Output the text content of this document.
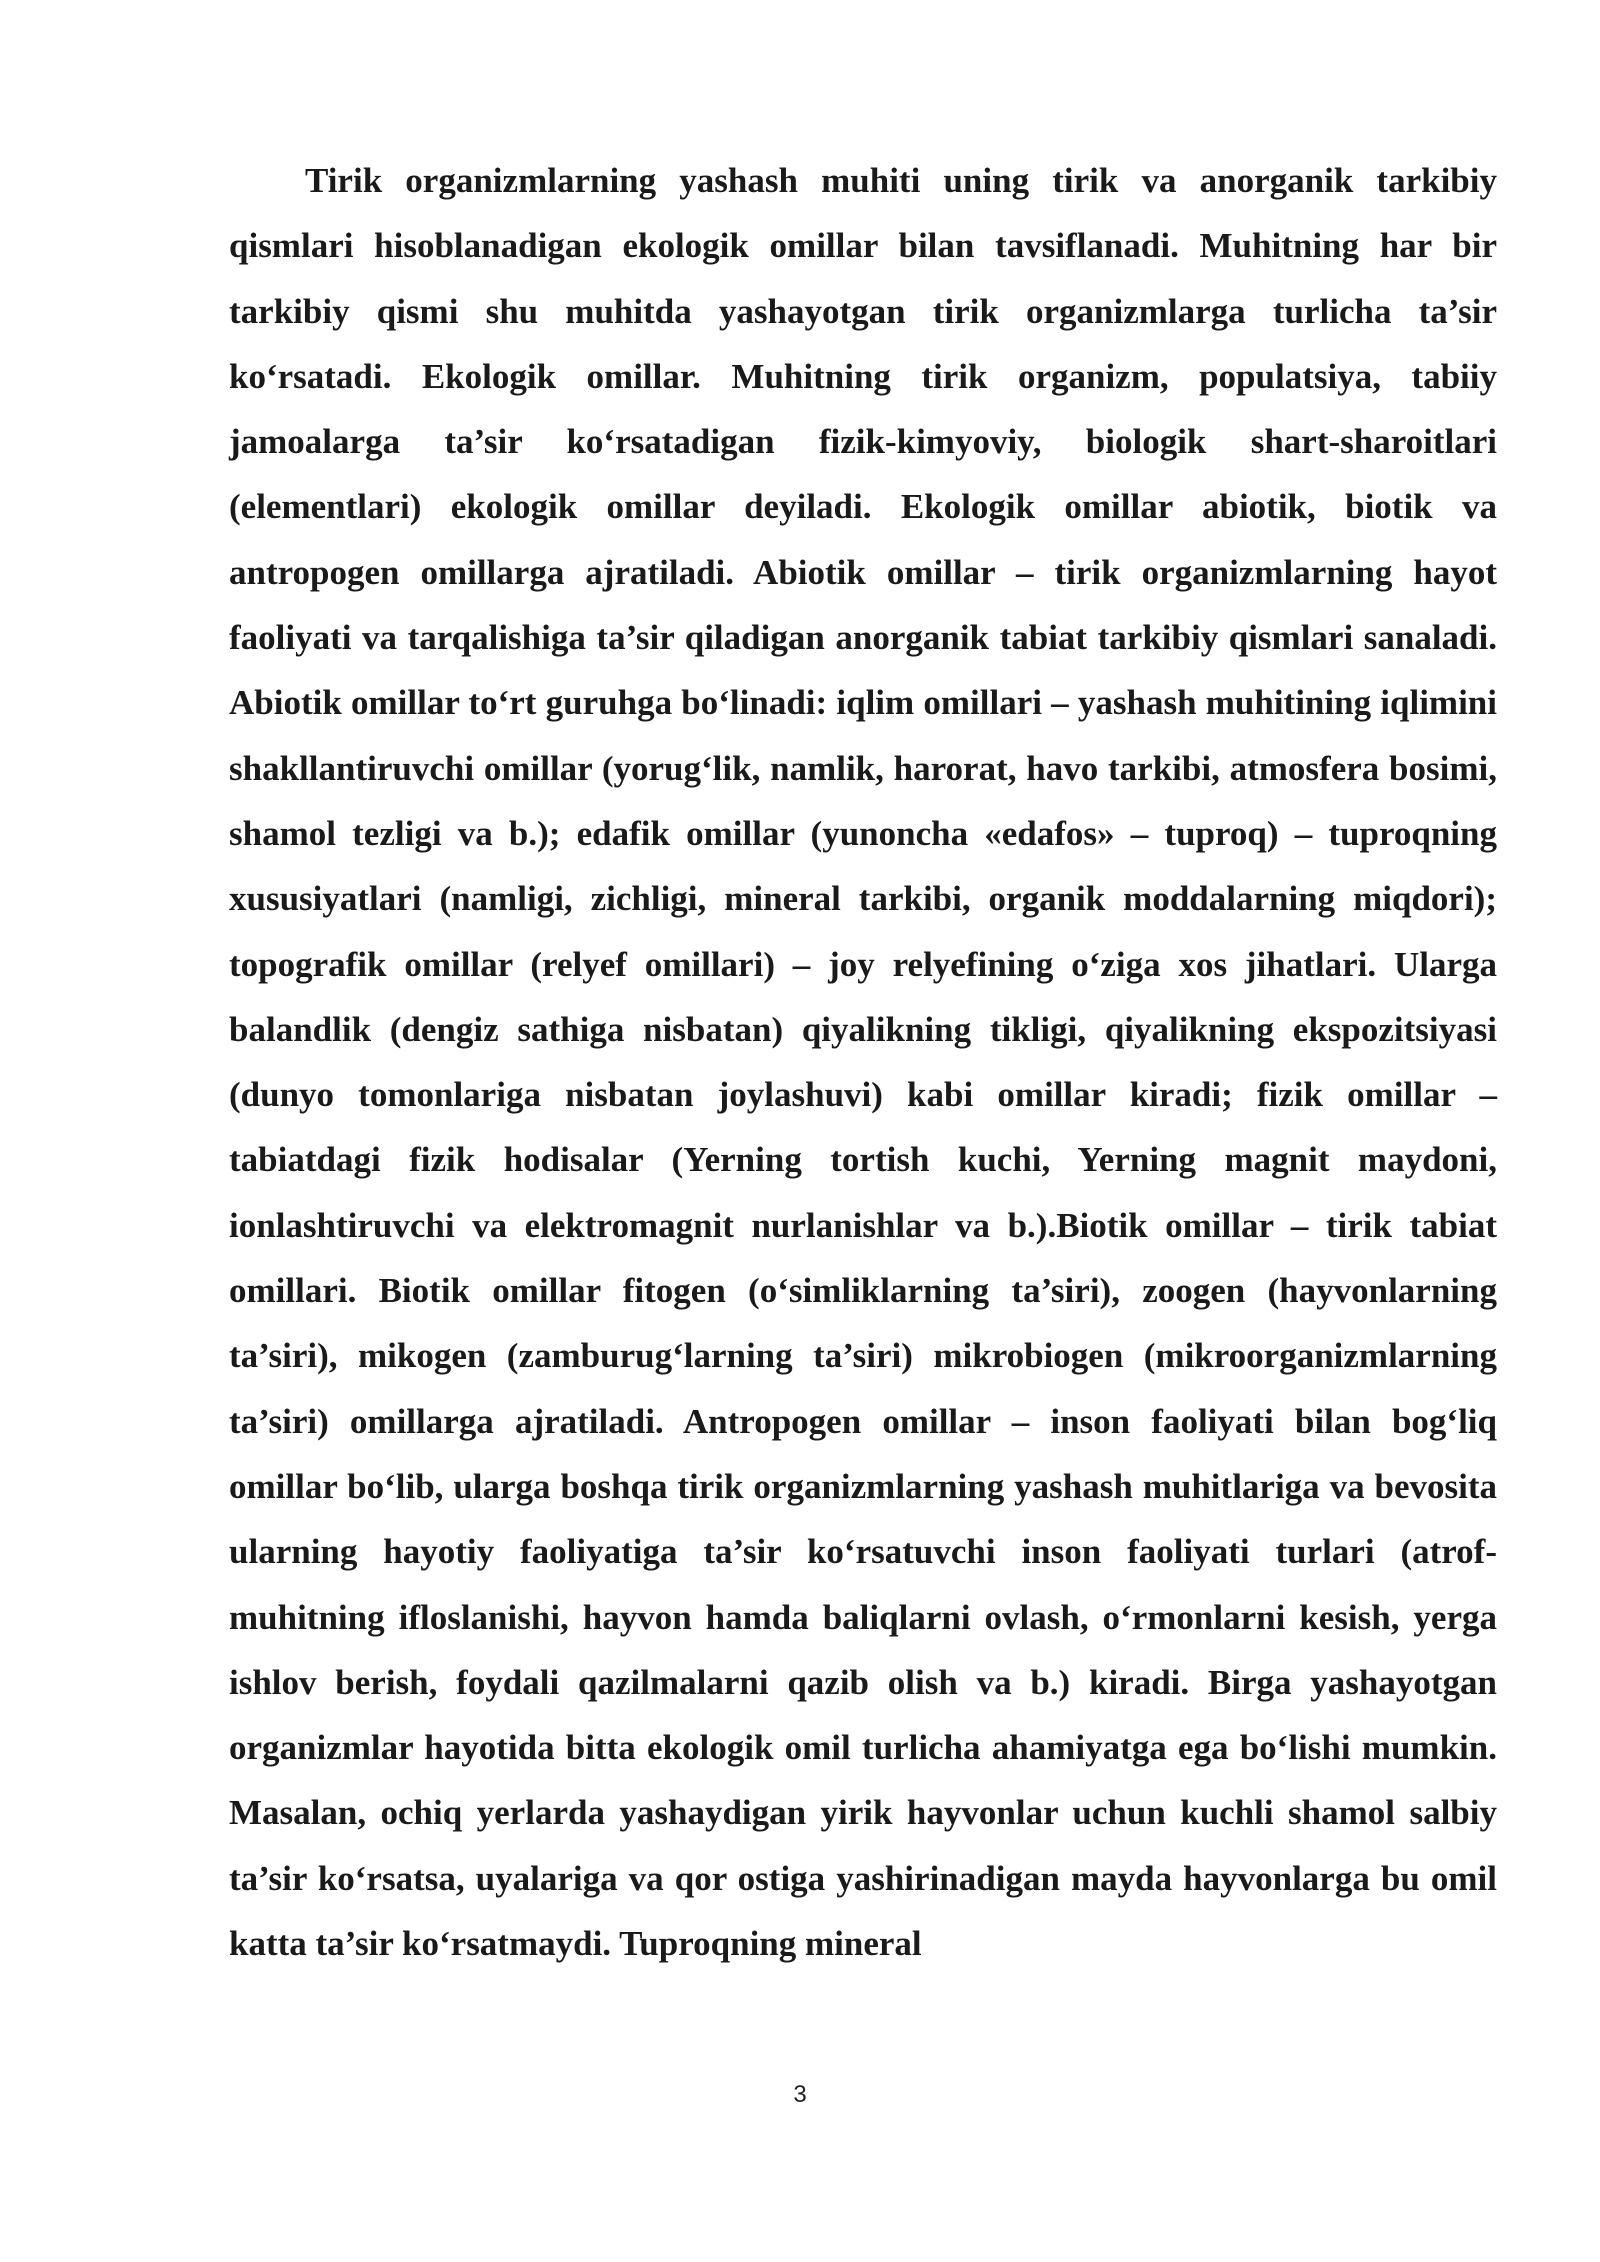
Tirik organizmlarning yashash muhiti uning tirik va anorganik tarkibiy qismlari hisoblanadigan ekologik omillar bilan tavsiflanadi. Muhitning har bir tarkibiy qismi shu muhitda yashayotgan tirik organizmlarga turlicha ta’sir ko‘rsatadi. Ekologik omillar. Muhitning tirik organizm, populatsiya, tabiiy jamoalarga ta’sir ko‘rsatadigan fizik-kimyoviy, biologik shart-sharoitlari (elementlari) ekologik omillar deyiladi. Ekologik omillar abiotik, biotik va antropogen omillarga ajratiladi. Abiotik omillar – tirik organizmlarning hayot faoliyati va tarqalishiga ta’sir qiladigan anorganik tabiat tarkibiy qismlari sanaladi. Abiotik omillar to‘rt guruhga bo‘linadi: iqlim omillari – yashash muhitining iqlimini shakllantiruvchi omillar (yorug‘lik, namlik, harorat, havo tarkibi, atmosfera bosimi, shamol tezligi va b.); edafik omillar (yunoncha «edafos» – tuproq) – tuproqning xususiyatlari (namligi, zichligi, mineral tarkibi, organik moddalarning miqdori); topografik omillar (relyef omillari) – joy relyefining o‘ziga xos jihatlari. Ularga balandlik (dengiz sathiga nisbatan) qiyalikning tikligi, qiyalikning ekspozitsiyasi (dunyo tomonlariga nisbatan joylashuvi) kabi omillar kiradi; fizik omillar – tabiatdagi fizik hodisalar (Yerning tortish kuchi, Yerning magnit maydoni, ionlashtiruvchi va elektromagnit nurlanishlar va b.).Biotik omillar – tirik tabiat omillari. Biotik omillar fitogen (o‘simliklarning ta’siri), zoogen (hayvonlarning ta’siri), mikogen (zamburug‘larning ta’siri) mikrobiogen (mikroorganizmlarning ta’siri) omillarga ajratiladi. Antropogen omillar – inson faoliyati bilan bog‘liq omillar bo‘lib, ularga boshqa tirik organizmlarning yashash muhitlariga va bevosita ularning hayotiy faoliyatiga ta’sir ko‘rsatuvchi inson faoliyati turlari (atrof-muhitning ifloslanishi, hayvon hamda baliqlarni ovlash, o‘rmonlarni kesish, yerga ishlov berish, foydali qazilmalarni qazib olish va b.) kiradi. Birga yashayotgan organizmlar hayotida bitta ekologik omil turlicha ahamiyatga ega bo‘lishi mumkin. Masalan, ochiq yerlarda yashaydigan yirik hayvonlar uchun kuchli shamol salbiy ta’sir ko‘rsatsa, uyalariga va qor ostiga yashirinadigan mayda hayvonlarga bu omil katta ta’sir ko‘rsatmaydi. Tuproqning mineral

3
